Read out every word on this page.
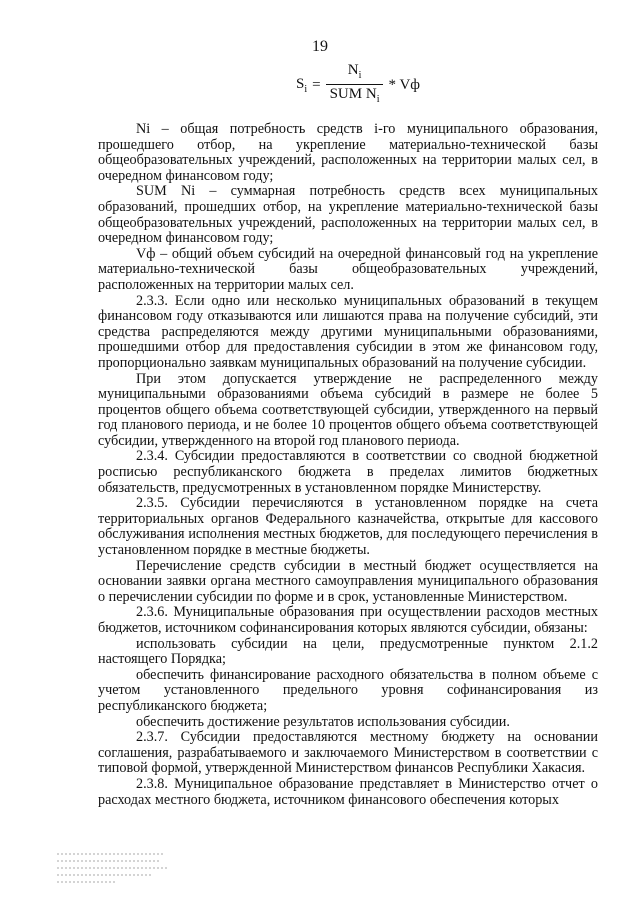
19
$S_i = \frac{N_i}{SUM N_i}$ * Vф

Ni – общая потребность средств i-го муниципального образования, прошедшего отбор, на укрепление материально-технической базы общеобразовательных учреждений, расположенных на территории малых сел, в очередном финансовом году;

SUM Ni – суммарная потребность средств всех муниципальных образований, прошедших отбор, на укрепление материально-технической базы общеобразовательных учреждений, расположенных на территории малых сел, в очередном финансовом году;

Vф – общий объем субсидий на очередной финансовый год на укрепление материально-технической базы общеобразовательных учреждений, расположенных на территории малых сел.

2.3.3. Если одно или несколько муниципальных образований в текущем финансовом году отказываются или лишаются права на получение субсидий, эти средства распределяются между другими муниципальными образованиями, прошедшими отбор для предоставления субсидии в этом же финансовом году, пропорционально заявкам муниципальных образований на получение субсидии.

При этом допускается утверждение не распределенного между муниципальными образованиями объема субсидий в размере не более 5 процентов общего объема соответствующей субсидии, утвержденного на первый год планового периода, и не более 10 процентов общего объема соответствующей субсидии, утвержденного на второй год планового периода.

2.3.4. Субсидии предоставляются в соответствии со сводной бюджетной росписью республиканского бюджета в пределах лимитов бюджетных обязательств, предусмотренных в установленном порядке Министерству.

2.3.5. Субсидии перечисляются в установленном порядке на счета территориальных органов Федерального казначейства, открытые для кассового обслуживания исполнения местных бюджетов, для последующего перечисления в установленном порядке в местные бюджеты.

Перечисление средств субсидии в местный бюджет осуществляется на основании заявки органа местного самоуправления муниципального образования о перечислении субсидии по форме и в срок, установленные Министерством.

2.3.6. Муниципальные образования при осуществлении расходов местных бюджетов, источником софинансирования которых являются субсидии, обязаны:

использовать субсидии на цели, предусмотренные пунктом 2.1.2 настоящего Порядка;

обеспечить финансирование расходного обязательства в полном объеме с учетом установленного предельного уровня софинансирования из республиканского бюджета;

обеспечить достижение результатов использования субсидии.

2.3.7. Субсидии предоставляются местному бюджету на основании соглашения, разрабатываемого и заключаемого Министерством в соответствии с типовой формой, утвержденной Министерством финансов Республики Хакасия.

2.3.8. Муниципальное образование представляет в Министерство отчет о расходах местного бюджета, источником финансового обеспечения которых
